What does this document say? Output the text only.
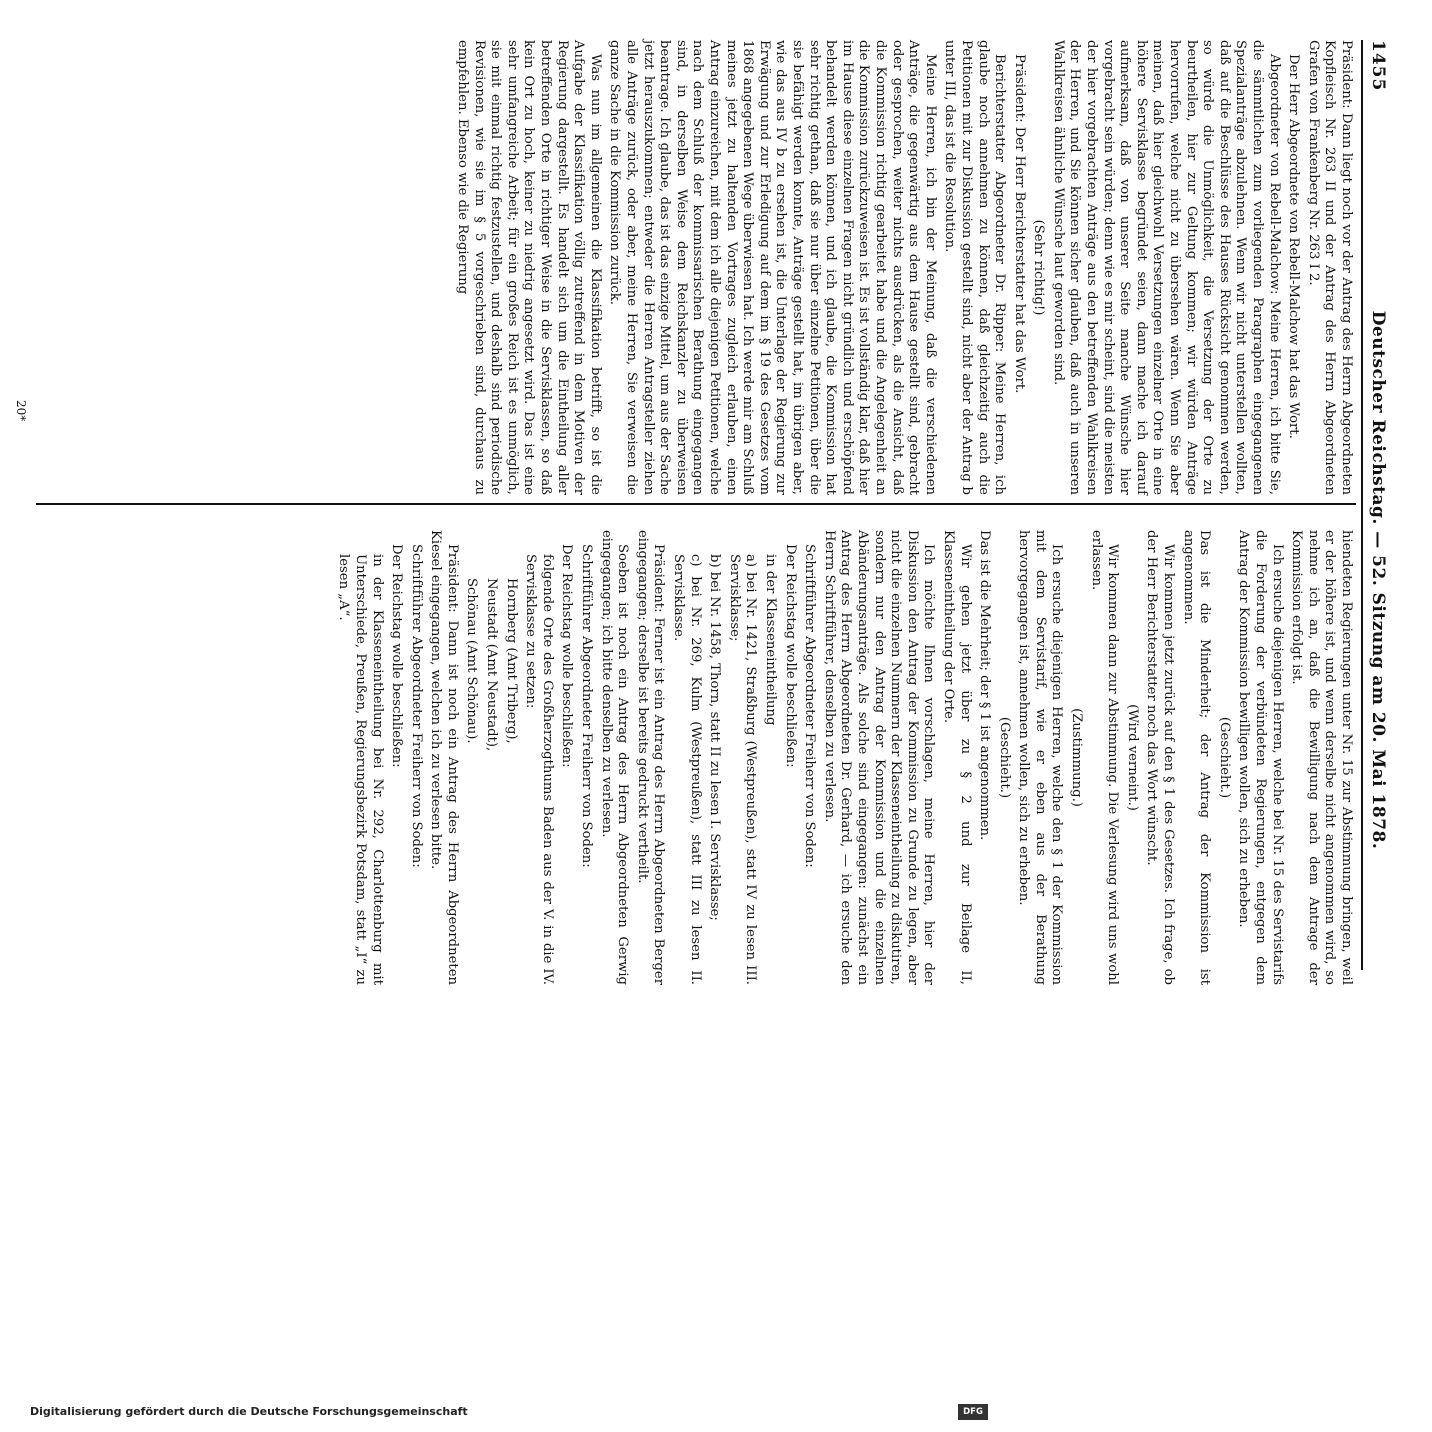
1455
Deutscher Reichstag. — 52. Sitzung am 20. Mai 1878.

Präsident: Dann liegt noch vor der Antrag des Herrn Abgeordneten Kopfleisch Nr. 263 II und der Antrag des Herrn Abgeordneten Grafen von Frankenberg Nr. 263 I 2.

Der Herr Abgeordnete von Rebell-Malchow hat das Wort.

Abgeordneter von Rebell-Malchow: Meine Herren, ich bitte Sie, die sämmtlichen zum vorliegenden Paragraphen eingegangenen Spezialanträge abzulehnen. Wenn wir nicht unterstellen wollten, daß auf die Beschlüsse des Hauses Rücksicht genommen werden, so würde die Unmöglichkeit, die Versetzung der Orte zu beurtheilen, hier zur Geltung kommen; wir würden Anträge hervorrufen, welche nicht zu übersehen wären. Wenn Sie aber meinen, daß hier gleichwohl Versetzungen einzelner Orte in eine höhere Servisklasse begründet seien, dann mache ich darauf aufmerksam, daß von unserer Seite manche Wünsche hier vorgebracht sein würden; denn wie es mir scheint, sind die meisten der hier vorgebrachten Anträge aus den betreffenden Wahlkreisen der Herren, und Sie können sicher glauben, daß auch in unseren Wahlkreisen ähnliche Wünsche laut geworden sind.

(Sehr richtig!)

Präsident: Der Herr Berichterstatter hat das Wort.

Berichterstatter Abgeordneter Dr. Ripper: Meine Herren, ich glaube noch annehmen zu können, daß gleichzeitig auch die Petitionen mit zur Diskussion gestellt sind, nicht aber der Antrag b unter III, das ist die Resolution.

Meine Herren, ich bin der Meinung, daß die verschiedenen Anträge, die gegenwärtig aus dem Hause gestellt sind, gebracht oder gesprochen, weiter nichts ausdrücken, als die Ansicht, daß die Kommission richtig gearbeitet habe und die Angelegenheit an die Kommission zurückzuweisen ist. Es ist vollständig klar, daß hier im Hause diese einzelnen Fragen nicht gründlich und erschöpfend behandelt werden können, und ich glaube, die Kommission hat sehr richtig gethan, daß sie nur über einzelne Petitionen, über die sie befähigt werden konnte, Anträge gestellt hat, im übrigen aber, wie das aus IV b zu ersehen ist, die Unterlage der Regierung zur Erwägung und zur Erledigung auf dem im § 19 des Gesetzes vom 1868 angegebenen Wege überwiesen hat. Ich werde mir am Schluß meines jetzt zu haltenden Vortrages zugleich erlauben, einen Antrag einzureichen, mit dem ich alle diejenigen Petitionen, welche nach dem Schluß der kommissarischen Berathung eingegangen sind, in derselben Weise dem Reichskanzler zu überweisen beantrage. Ich glaube, das ist das einzige Mittel, um aus der Sache jetzt herauszukommen; entweder die Herren Antragsteller ziehen alle Anträge zurück, oder aber, meine Herren, Sie verweisen die ganze Sache in die Kommission zurück.

Was nun im allgemeinen die Klassifikation betrifft, so ist die Aufgabe der Klassifikation völlig zutreffend in dem Motiven der Regierung dargestellt. Es handelt sich um die Eintheilung aller betreffenden Orte in richtiger Weise in die Servisklassen, so daß kein Ort zu hoch, keiner zu niedrig angesetzt wird. Das ist eine sehr umfangreiche Arbeit; für ein großes Reich ist es unmöglich, sie mit einmal richtig festzustellen, und deshalb sind periodische Revisionen, wie sie im § 5 vorgeschrieben sind, durchaus zu empfehlen. Ebenso wie die Regierung

hiendeten Regierungen unter Nr. 15 zur Abstimmung bringen, weil er der höhere ist, und wenn derselbe nicht angenommen wird, so nehme ich an, daß die Bewilligung nach dem Antrage der Kommission erfolgt ist.

Ich ersuche diejenigen Herren, welche bei Nr. 15 des Servistarifs die Forderung der verbündeten Regierungen, entgegen dem Antrag der Kommission bewilligen wollen, sich zu erheben.

(Geschieht.)

Das ist die Minderheit; der Antrag der Kommission ist angenommen.

Wir kommen jetzt zurück auf den § 1 des Gesetzes. Ich frage, ob der Herr Berichterstatter noch das Wort wünscht.

(Wird verneint.)

Wir kommen dann zur Abstimmung. Die Verlesung wird uns wohl erlassen.

(Zustimmung.)

Ich ersuche diejenigen Herren, welche den § 1 der Kommission mit dem Servistarif, wie er eben aus der Berathung hervorgegangen ist, annehmen wollen, sich zu erheben.

(Geschieht.)

Das ist die Mehrheit; der § 1 ist angenommen.

Wir gehen jetzt über zu § 2 und zur Beilage II, Klasseneintheilung der Orte.

Ich möchte Ihnen vorschlagen, meine Herren, hier der Diskussion den Antrag der Kommission zu Grunde zu legen, aber nicht die einzelnen Nummern der Klasseneintheilung zu diskutiren, sondern nur den Antrag der Kommission und die einzelnen Abänderungsanträge. Als solche sind eingegangen: zunächst ein Antrag des Herrn Abgeordneten Dr. Gerhard, — ich ersuche den Herrn Schriftführer, denselben zu verlesen.

Schriftführer Abgeordneter Freiherr von Soden:

Der Reichstag wolle beschließen:

in der Klasseneintheilung

a) bei Nr. 1421, Straßburg (Westpreußen), statt IV zu lesen III. Servisklasse;

b) bei Nr. 1458, Thorn, statt II zu lesen I. Servisklasse;

c) bei Nr. 269, Kulm (Westpreußen), statt III zu lesen II. Servisklasse.

Präsident: Ferner ist ein Antrag des Herrn Abgeordneten Berger eingegangen; derselbe ist bereits gedruckt vertheilt.

Soeben ist noch ein Antrag des Herrn Abgeordneten Gerwig eingegangen; ich bitte denselben zu verlesen.

Schriftführer Abgeordneter Freiherr von Soden:

Der Reichstag wolle beschließen:

folgende Orte des Großherzogthums Baden aus der V. in die IV. Servisklasse zu setzen:

Hornberg (Amt Triberg),

Neustadt (Amt Neustadt),

Schönau (Amt Schönau).

Präsident: Dann ist noch ein Antrag des Herrn Abgeordneten Kiesel eingegangen, welchen ich zu verlesen bitte.

Schriftführer Abgeordneter Freiherr von Soden:

Der Reichstag wolle beschließen:

in der Klasseneintheilung bei Nr. 292, Charlottenburg mit Unterschiede, Preußen, Regierungsbezirk Potsdam, statt „I“ zu lesen „A“.

20*
Digitalisierung gefördert durch die Deutsche Forschungsgemeinschaft	DFG
